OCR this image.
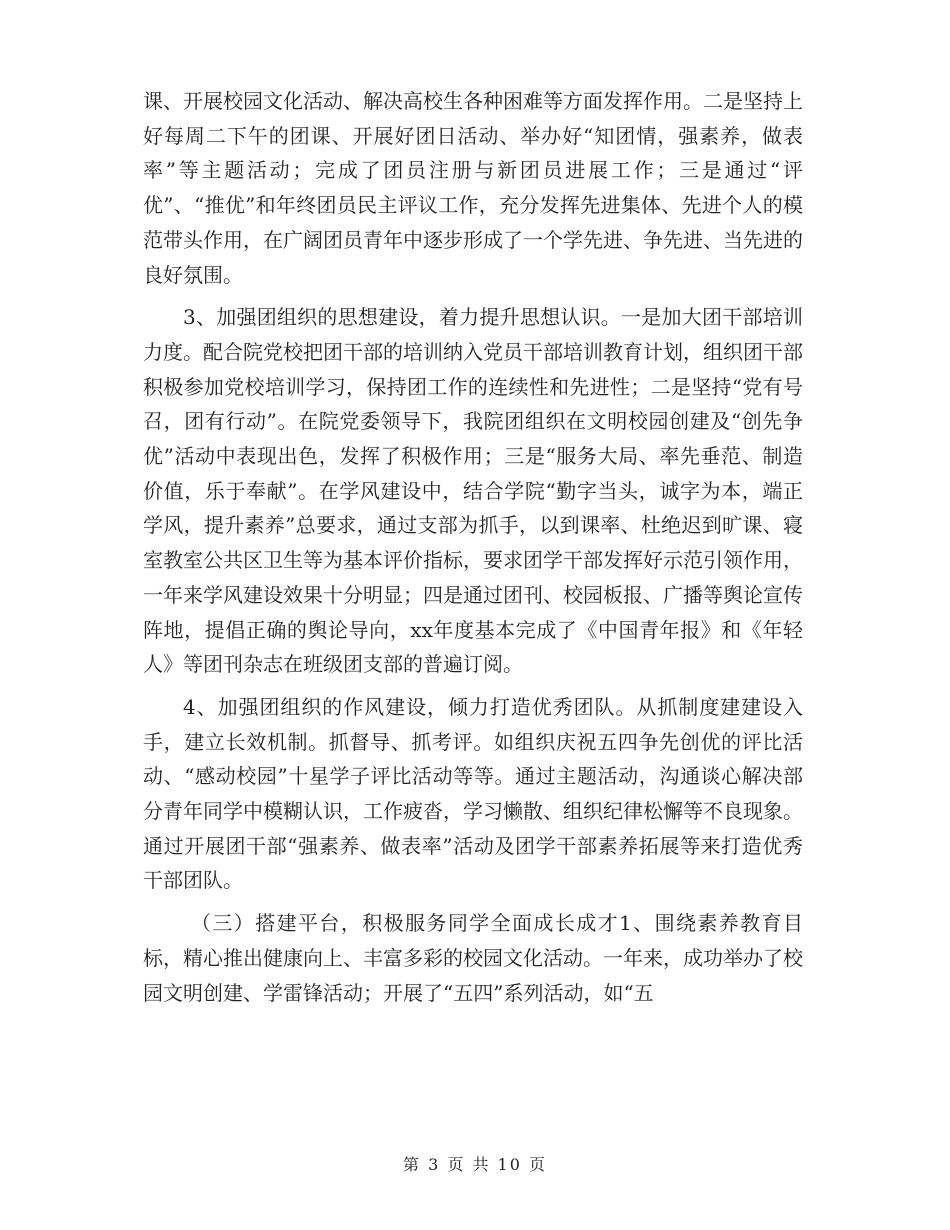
课、开展校园文化活动、解决高校生各种困难等方面发挥作用。二是坚持上好每周二下午的团课、开展好团日活动、举办好“知团情，强素养，做表率”等主题活动；完成了团员注册与新团员进展工作；三是通过“评优”、“推优”和年终团员民主评议工作，充分发挥先进集体、先进个人的模范带头作用，在广阔团员青年中逐步形成了一个学先进、争先进、当先进的良好氛围。

3、加强团组织的思想建设，着力提升思想认识。一是加大团干部培训力度。配合院党校把团干部的培训纳入党员干部培训教育计划，组织团干部积极参加党校培训学习，保持团工作的连续性和先进性；二是坚持“党有号召，团有行动”。在院党委领导下，我院团组织在文明校园创建及“创先争优”活动中表现出色，发挥了积极作用；三是“服务大局、率先垂范、制造价值，乐于奉献”。在学风建设中，结合学院“勤字当头，诚字为本，端正学风，提升素养”总要求，通过支部为抓手，以到课率、杜绝迟到旷课、寝室教室公共区卫生等为基本评价指标，要求团学干部发挥好示范引领作用，一年来学风建设效果十分明显；四是通过团刊、校园板报、广播等舆论宣传阵地，提倡正确的舆论导向，xx年度基本完成了《中国青年报》和《年轻人》等团刊杂志在班级团支部的普遍订阅。

4、加强团组织的作风建设，倾力打造优秀团队。从抓制度建建设入手，建立长效机制。抓督导、抓考评。如组织庆祝五四争先创优的评比活动、“感动校园”十星学子评比活动等等。通过主题活动，沟通谈心解决部分青年同学中模糊认识，工作疲沓，学习懒散、组织纪律松懈等不良现象。通过开展团干部“强素养、做表率”活动及团学干部素养拓展等来打造优秀干部团队。

（三）搭建平台，积极服务同学全面成长成才1、围绕素养教育目标，精心推出健康向上、丰富多彩的校园文化活动。一年来，成功举办了校园文明创建、学雷锋活动；开展了“五四”系列活动，如“五

第 3 页 共 10 页
